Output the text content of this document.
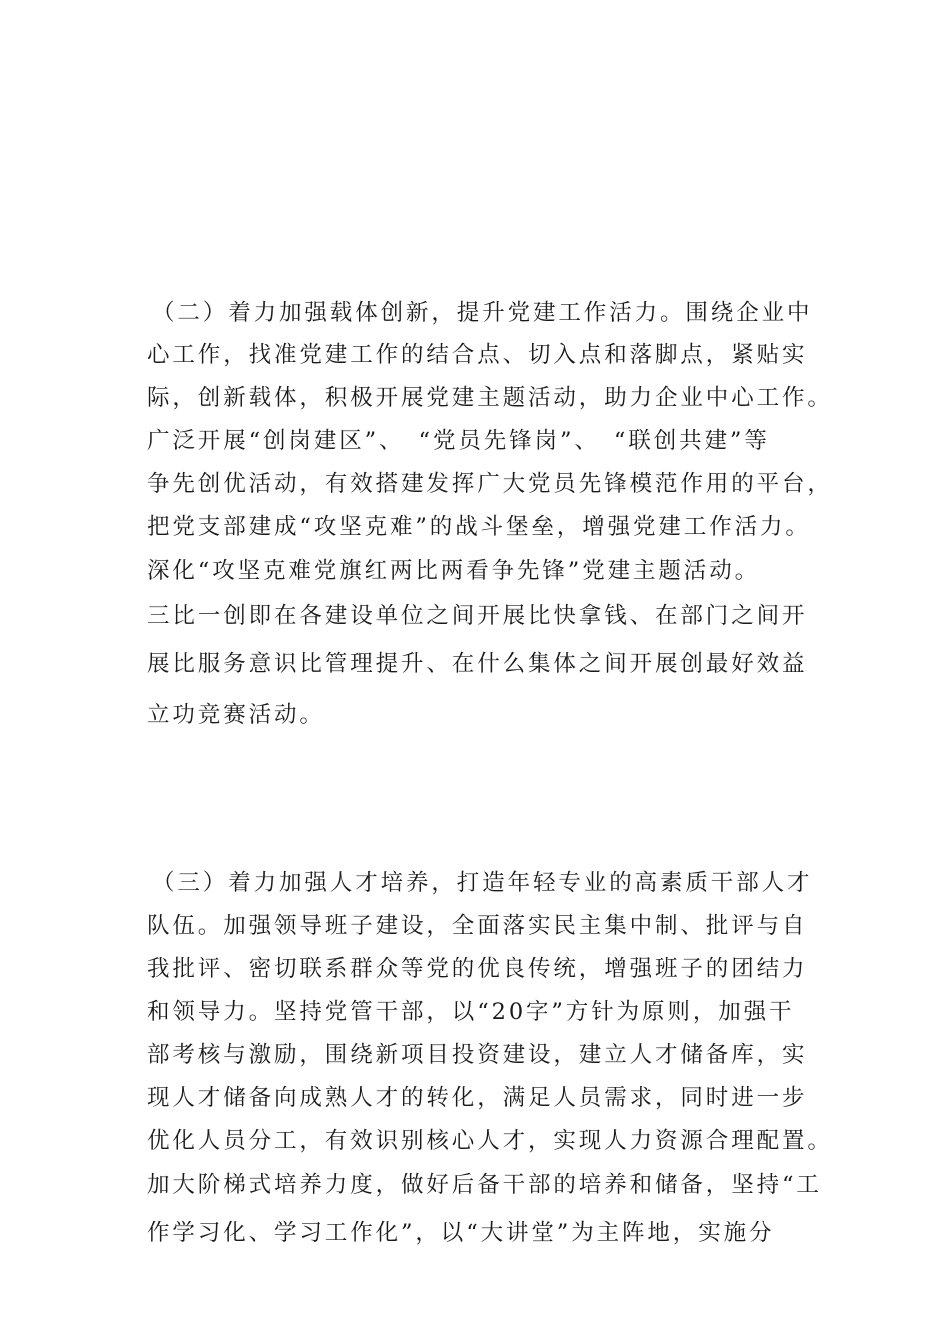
（二）着力加强载体创新，提升党建工作活力。围绕企业中
心工作，找准党建工作的结合点、切入点和落脚点，紧贴实
际，创新载体，积极开展党建主题活动，助力企业中心工作。
广泛开展“创岗建区”、　“党员先锋岗”、　“联创共建”等
争先创优活动，有效搭建发挥广大党员先锋模范作用的平台，
把党支部建成“攻坚克难”的战斗堡垒，增强党建工作活力。
深化“攻坚克难党旗红两比两看争先锋”党建主题活动。
三比一创即在各建设单位之间开展比快拿钱、在部门之间开
展比服务意识比管理提升、在什么集体之间开展创最好效益
立功竞赛活动。
（三）着力加强人才培养，打造年轻专业的高素质干部人才
队伍。加强领导班子建设，全面落实民主集中制、批评与自
我批评、密切联系群众等党的优良传统，增强班子的团结力
和领导力。坚持党管干部，以“20字”方针为原则，加强干
部考核与激励，围绕新项目投资建设，建立人才储备库，实
现人才储备向成熟人才的转化，满足人员需求，同时进一步
优化人员分工，有效识别核心人才，实现人力资源合理配置。
加大阶梯式培养力度，做好后备干部的培养和储备，坚持“工
作学习化、学习工作化”，以“大讲堂”为主阵地，实施分
